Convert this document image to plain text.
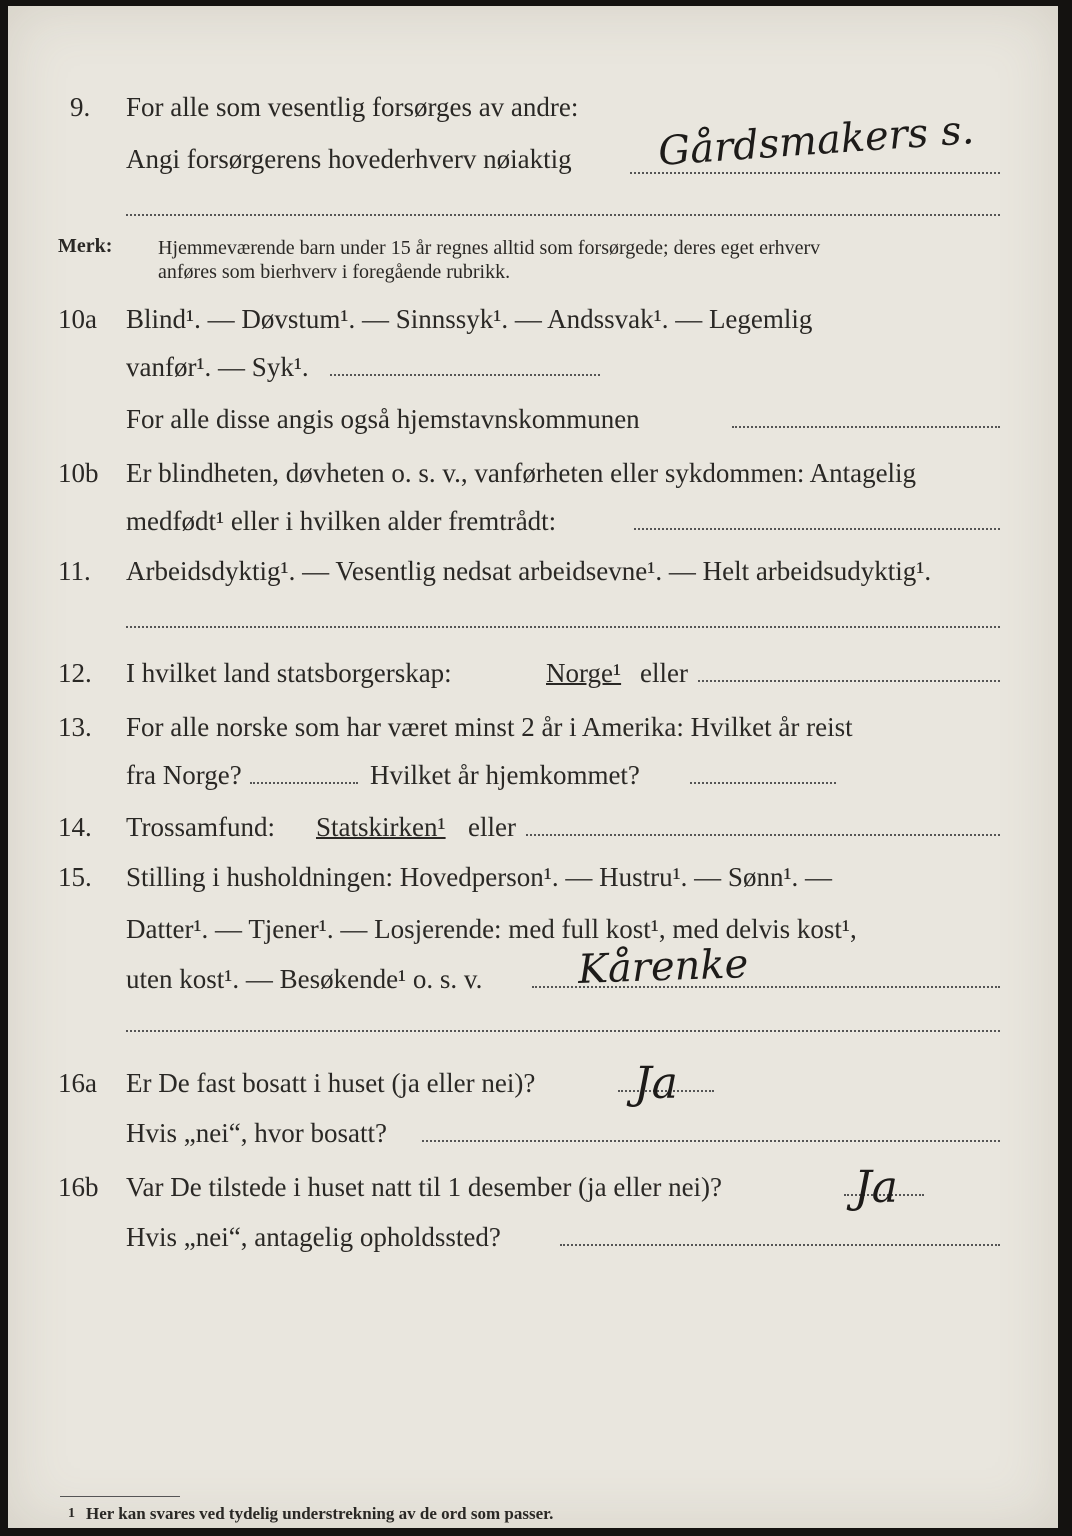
9. For alle som vesentlig forsørges av andre:
Angi forsørgerens hovederhverv nøiaktig Gårdsmakers s.
Merk: Hjemmeværende barn under 15 år regnes alltid som forsørgede; deres eget erhverv
anføres som bierhverv i foregående rubrikk.
10a Blind¹. — Døvstum¹. — Sinnssyk¹. — Andssvak¹. — Legemlig
vanfør¹. — Syk¹.
For alle disse angis også hjemstavnskommunen
10b Er blindheten, døvheten o. s. v., vanførheten eller sykdommen: Antagelig
medfødt¹ eller i hvilken alder fremtrådt:
11. Arbeidsdyktig¹. — Vesentlig nedsat arbeidsevne¹. — Helt arbeidsudyktig¹.
12. I hvilket land statsborgerskap:	Norge¹ eller
13. For alle norske som har været minst 2 år i Amerika: Hvilket år reist
fra Norge?	Hvilket år hjemkommet?
14. Trossamfund: Statskirken¹ eller
15. Stilling i husholdningen: Hovedperson¹. — Hustru¹. — Sønn¹. —
Datter¹. — Tjener¹. — Losjerende: med full kost¹, med delvis kost¹,
uten kost¹. — Besøkende¹ o. s. v. Kårenke
16a Er De fast bosatt i huset (ja eller nei)? Ja
Hvis „nei“, hvor bosatt?
16b Var De tilstede i huset natt til 1 desember (ja eller nei)?	Ja
Hvis „nei“, antagelig opholdssted?
1 Her kan svares ved tydelig understrekning av de ord som passer.
